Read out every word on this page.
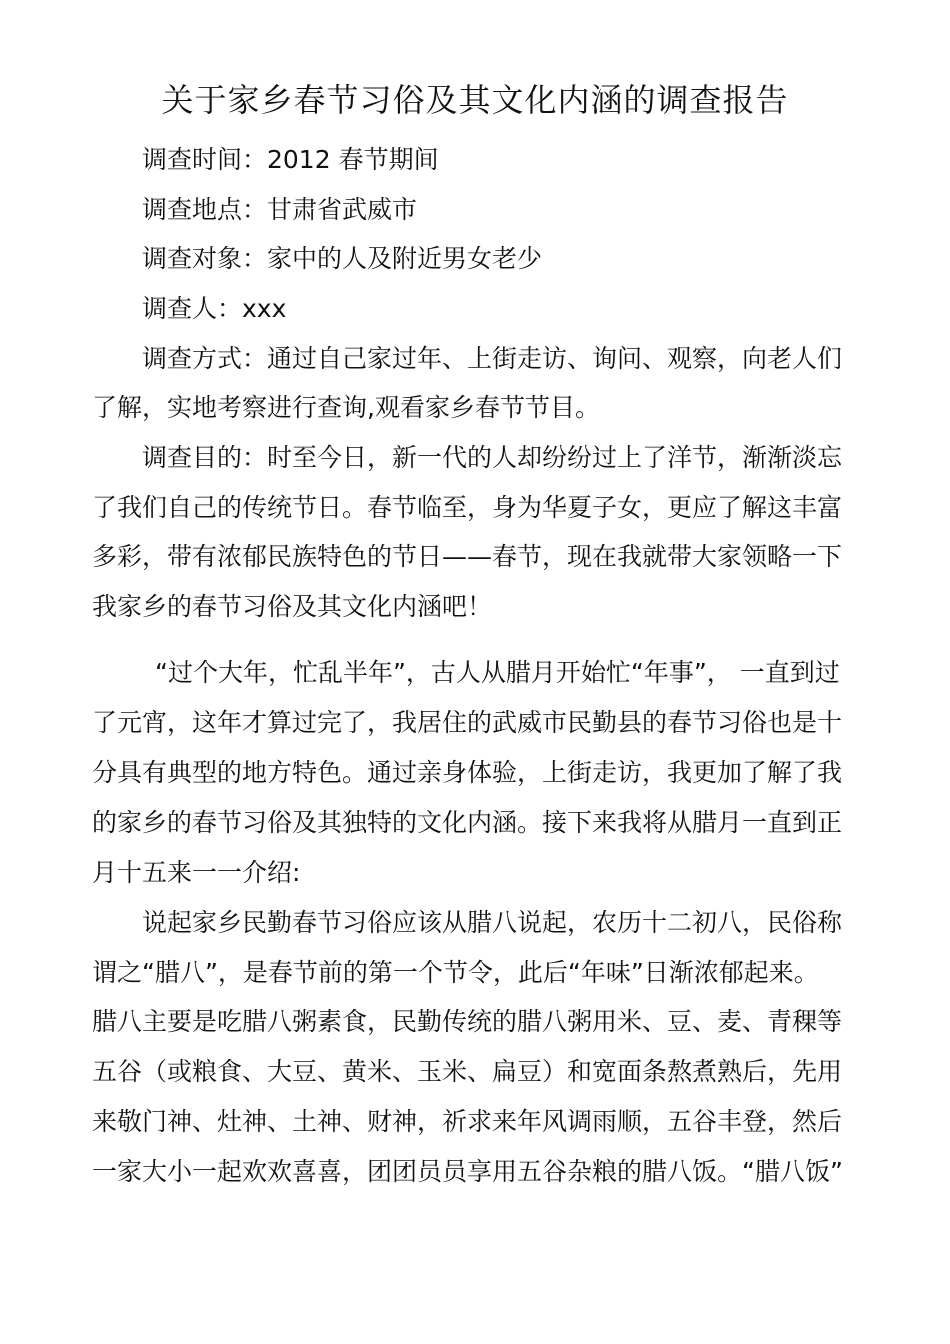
关于家乡春节习俗及其文化内涵的调查报告
调查时间：2012 春节期间
调查地点：甘肃省武威市
调查对象：家中的人及附近男女老少
调查人：xxx
调查方式：通过自己家过年、上街走访、询问、观察，向老人们
了解，实地考察进行查询,观看家乡春节节目。
调查目的：时至今日，新一代的人却纷纷过上了洋节，渐渐淡忘
了我们自己的传统节日。春节临至，身为华夏子女，更应了解这丰富
多彩，带有浓郁民族特色的节日——春节，现在我就带大家领略一下
我家乡的春节习俗及其文化内涵吧！
“过个大年，忙乱半年”，古人从腊月开始忙“年事”， 一直到过
了元宵，这年才算过完了，我居住的武威市民勤县的春节习俗也是十
分具有典型的地方特色。通过亲身体验，上街走访，我更加了解了我
的家乡的春节习俗及其独特的文化内涵。接下来我将从腊月一直到正
月十五来一一介绍:
说起家乡民勤春节习俗应该从腊八说起，农历十二初八，民俗称
谓之“腊八”，是春节前的第一个节令，此后“年味”日渐浓郁起来。
腊八主要是吃腊八粥素食，民勤传统的腊八粥用米、豆、麦、青稞等
五谷（或粮食、大豆、黄米、玉米、扁豆）和宽面条熬煮熟后，先用
来敬门神、灶神、土神、财神，祈求来年风调雨顺，五谷丰登，然后
一家大小一起欢欢喜喜，团团员员享用五谷杂粮的腊八饭。“腊八饭”
